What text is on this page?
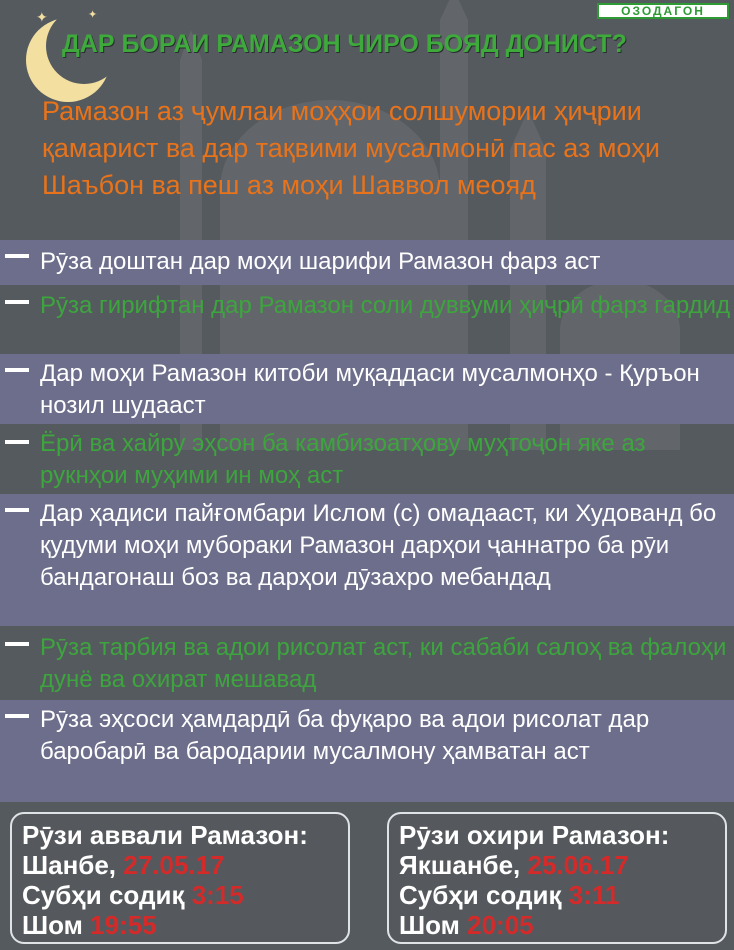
✦	✦	ОЗОДАГОН
ДАР БОРАИ РАМАЗОН ЧИРО БОЯД ДОНИСТ?
Рамазон аз ҷумлаи моҳҳои солшумории ҳиҷрии қамарист ва дар тақвими мусалмонӣ пас аз моҳи Шаъбон ва пеш аз моҳи Шаввол меояд
Рӯза доштан дар моҳи шарифи Рамазон фарз аст
Рӯза гирифтан дар Рамазон соли дуввуми ҳиҷрӣ фарз гардид
Дар моҳи Рамазон китоби муқаддаси мусалмонҳо - Қуръон нозил шудааст
Ёрӣ ва хайру эҳсон ба камбизоатҳову муҳтоҷон яке аз рукнҳои муҳими ин моҳ аст
Дар ҳадиси пайғомбари Ислом (с) омадааст, ки Худованд бо қудуми моҳи мубораки Рамазон дарҳои ҷаннатро ба рӯи бандагонаш боз ва дарҳои дӯзахро мебандад
Рӯза тарбия ва адои рисолат аст, ки сабаби салоҳ ва фалоҳи дунё ва охират мешавад
Рӯза эҳсоси ҳамдардӣ ба фуқаро ва адои рисолат дар баробарӣ ва бародарии мусалмону ҳамватан аст
Рӯзи аввали Рамазон:
Шанбе, 27.05.17
Субҳи содиқ 3:15
Шом 19:55
Рӯзи охири Рамазон:
Якшанбе, 25.06.17
Субҳи содиқ 3:11
Шом 20:05
